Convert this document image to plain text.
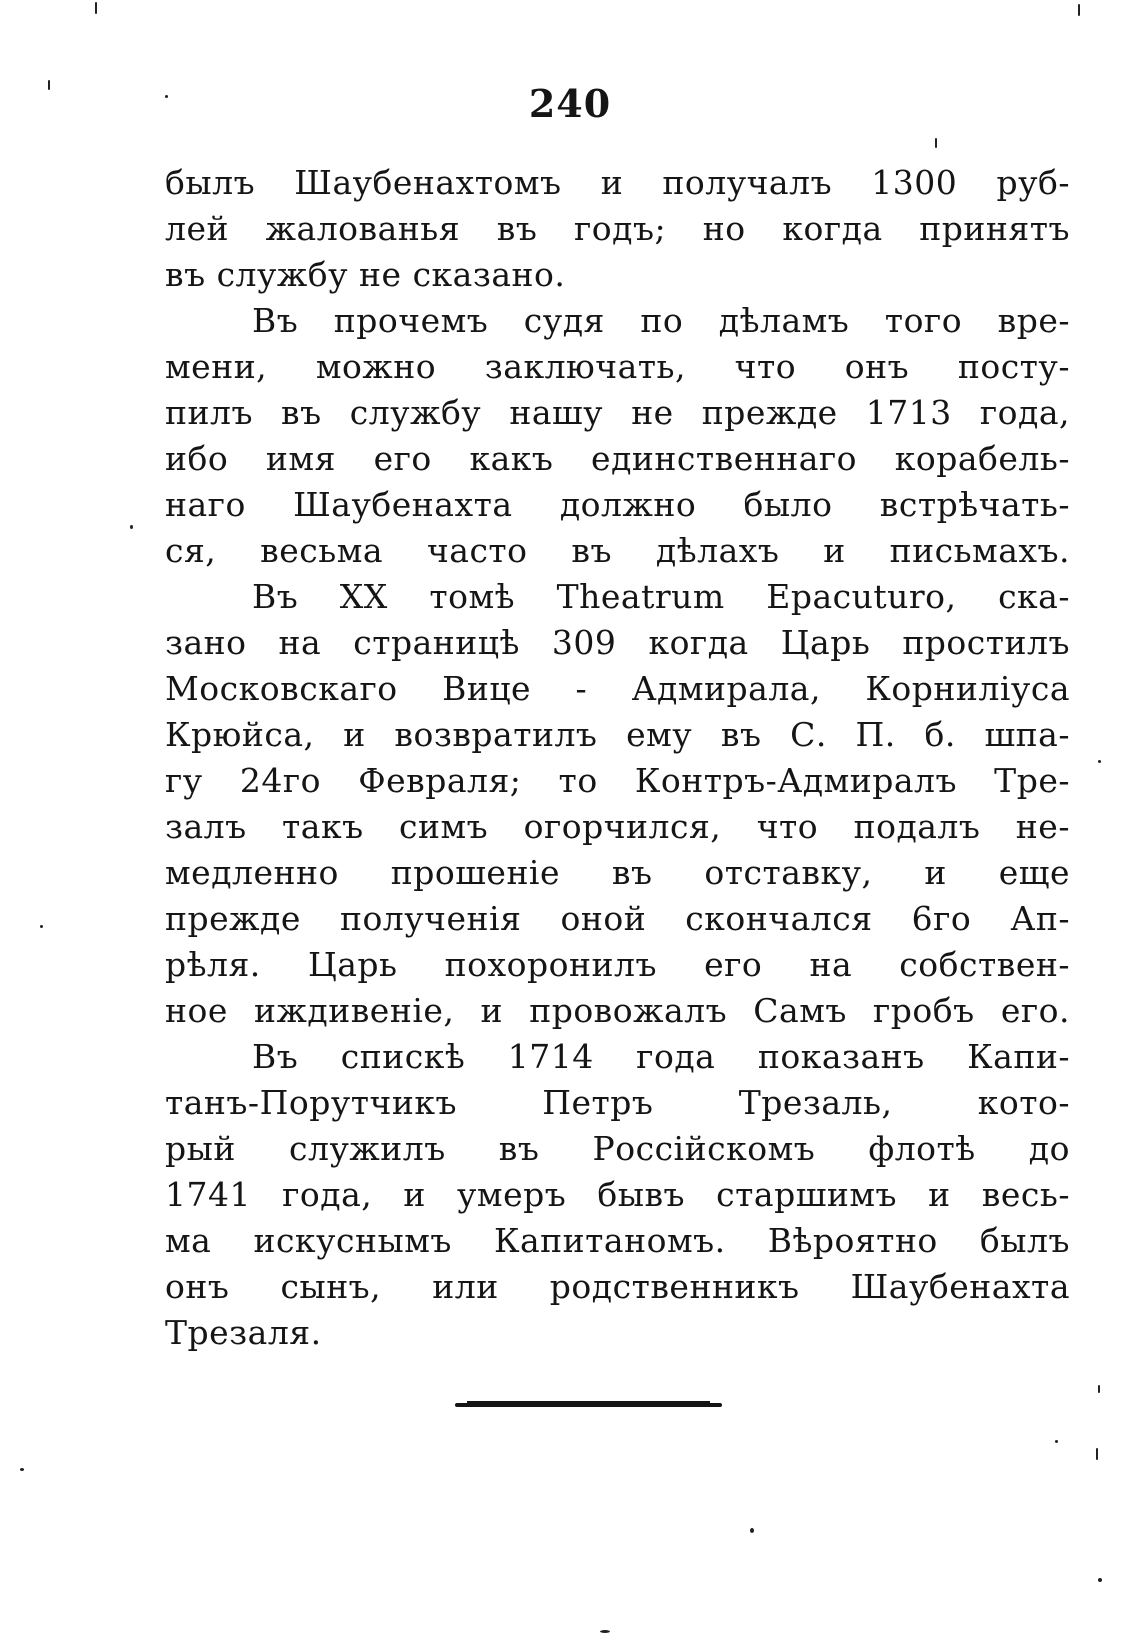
240
былъ Шаубенахтомъ и получалъ 1300 руб-
лей жалованья въ годъ; но когда принятъ
въ службу не сказано.
Въ прочемъ судя по дѣламъ того вре-
мени, можно заключать, что онъ посту-
пилъ въ службу нашу не прежде 1713 года,
ибо имя его какъ единственнаго корабель-
наго Шаубенахта должно было встрѣчать-
ся, весьма часто въ дѣлахъ и письмахъ.
Въ XX томѣ Theatrum Epacuturo, ска-
зано на страницѣ 309 когда Царь простилъ
Московскаго Вице - Адмирала, Корнилiуса
Крюйса, и возвратилъ ему въ С. П. б. шпа-
гу 24го Февраля; то Контръ-Адмиралъ Тре-
залъ такъ симъ огорчился, что подалъ не-
медленно прошенiе въ отставку, и еще
прежде полученiя оной скончался 6го Ап-
рѣля. Царь похоронилъ его на собствен-
ное иждивенiе, и провожалъ Самъ гробъ его.
Въ спискѣ 1714 года показанъ Капи-
танъ-Порутчикъ Петръ Трезаль, кото-
рый служилъ въ Россiйскомъ флотѣ до
1741 года, и умеръ бывъ старшимъ и весь-
ма искуснымъ Капитаномъ. Вѣроятно былъ
онъ сынъ, или родственникъ Шаубенахта
Трезаля.
